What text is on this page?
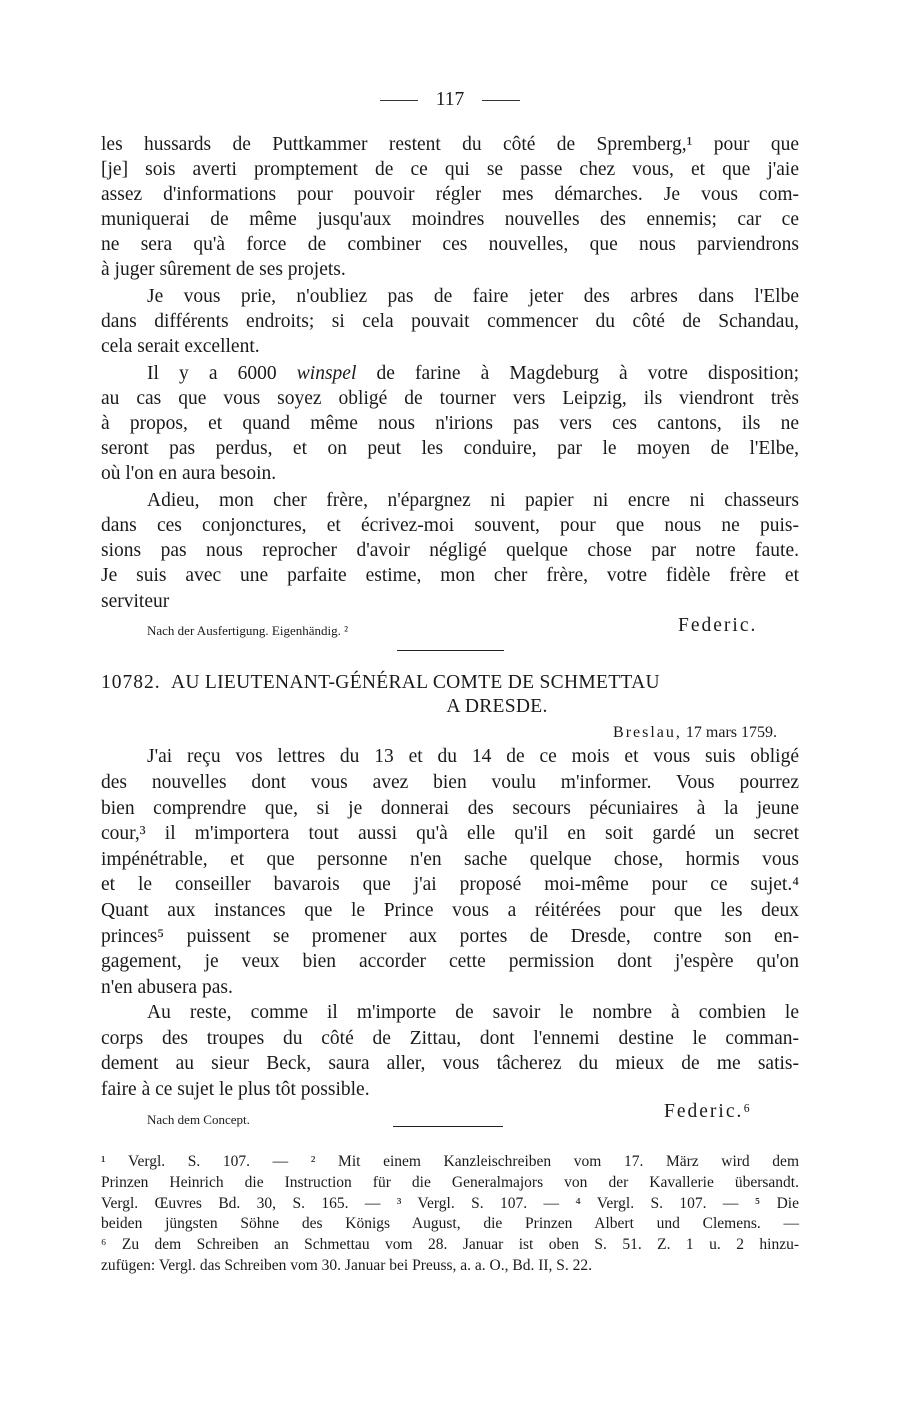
117
les hussards de Puttkammer restent du côté de Spremberg,¹ pour que
[je] sois averti promptement de ce qui se passe chez vous, et que j'aie
assez d'informations pour pouvoir régler mes démarches. Je vous com-
muniquerai de même jusqu'aux moindres nouvelles des ennemis; car ce
ne sera qu'à force de combiner ces nouvelles, que nous parviendrons
à juger sûrement de ses projets.
Je vous prie, n'oubliez pas de faire jeter des arbres dans l'Elbe
dans différents endroits; si cela pouvait commencer du côté de Schandau,
cela serait excellent.
Il y a 6000 winspel de farine à Magdeburg à votre disposition;
au cas que vous soyez obligé de tourner vers Leipzig, ils viendront très
à propos, et quand même nous n'irions pas vers ces cantons, ils ne
seront pas perdus, et on peut les conduire, par le moyen de l'Elbe,
où l'on en aura besoin.
Adieu, mon cher frère, n'épargnez ni papier ni encre ni chasseurs
dans ces conjonctures, et écrivez-moi souvent, pour que nous ne puis-
sions pas nous reprocher d'avoir négligé quelque chose par notre faute.
Je suis avec une parfaite estime, mon cher frère, votre fidèle frère et
serviteur
Nach der Ausfertigung. Eigenhändig. ²	Federic.
10782. AU LIEUTENANT-GÉNÉRAL COMTE DE SCHMETTAU
A DRESDE.
Breslau, 17 mars 1759.
J'ai reçu vos lettres du 13 et du 14 de ce mois et vous suis obligé
des nouvelles dont vous avez bien voulu m'informer. Vous pourrez
bien comprendre que, si je donnerai des secours pécuniaires à la jeune
cour,³ il m'importera tout aussi qu'à elle qu'il en soit gardé un secret
impénétrable, et que personne n'en sache quelque chose, hormis vous
et le conseiller bavarois que j'ai proposé moi-même pour ce sujet.⁴
Quant aux instances que le Prince vous a réitérées pour que les deux
princes⁵ puissent se promener aux portes de Dresde, contre son en-
gagement, je veux bien accorder cette permission dont j'espère qu'on
n'en abusera pas.
Au reste, comme il m'importe de savoir le nombre à combien le
corps des troupes du côté de Zittau, dont l'ennemi destine le comman-
dement au sieur Beck, saura aller, vous tâcherez du mieux de me satis-
faire à ce sujet le plus tôt possible.
Nach dem Concept.	Federic.⁶
¹ Vergl. S. 107. — ² Mit einem Kanzleischreiben vom 17. März wird dem
Prinzen Heinrich die Instruction für die Generalmajors von der Kavallerie übersandt.
Vergl. Œuvres Bd. 30, S. 165. — ³ Vergl. S. 107. — ⁴ Vergl. S. 107. — ⁵ Die
beiden jüngsten Söhne des Königs August, die Prinzen Albert und Clemens. —
⁶ Zu dem Schreiben an Schmettau vom 28. Januar ist oben S. 51. Z. 1 u. 2 hinzu-
zufügen: Vergl. das Schreiben vom 30. Januar bei Preuss, a. a. O., Bd. II, S. 22.
